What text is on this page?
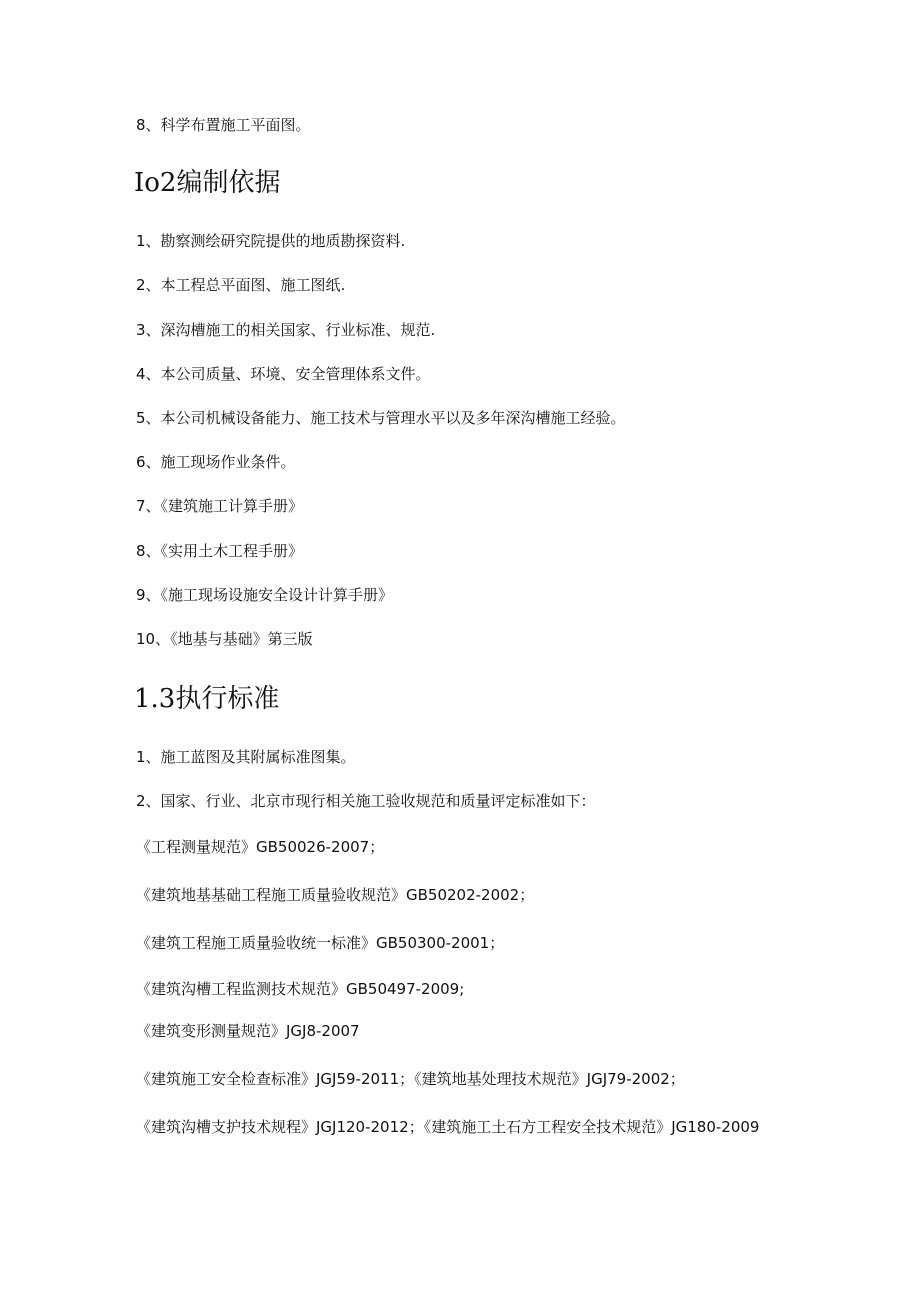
8、科学布置施工平面图。
Io2编制依据
1、勘察测绘研究院提供的地质勘探资料.
2、本工程总平面图、施工图纸.
3、深沟槽施工的相关国家、行业标准、规范.
4、本公司质量、环境、安全管理体系文件。
5、本公司机械设备能力、施工技术与管理水平以及多年深沟槽施工经验。
6、施工现场作业条件。
7、《建筑施工计算手册》
8、《实用土木工程手册》
9、《施工现场设施安全设计计算手册》
10、《地基与基础》第三版
1.3执行标准
1、施工蓝图及其附属标准图集。
2、国家、行业、北京市现行相关施工验收规范和质量评定标准如下：
《工程测量规范》GB50026-2007；
《建筑地基基础工程施工质量验收规范》GB50202-2002；
《建筑工程施工质量验收统一标准》GB50300-2001；
《建筑沟槽工程监测技术规范》GB50497-2009;
《建筑变形测量规范》JGJ8-2007
《建筑施工安全检查标准》JGJ59-2011；《建筑地基处理技术规范》JGJ79-2002；
《建筑沟槽支护技术规程》JGJ120-2012；《建筑施工土石方工程安全技术规范》JG180-2009
